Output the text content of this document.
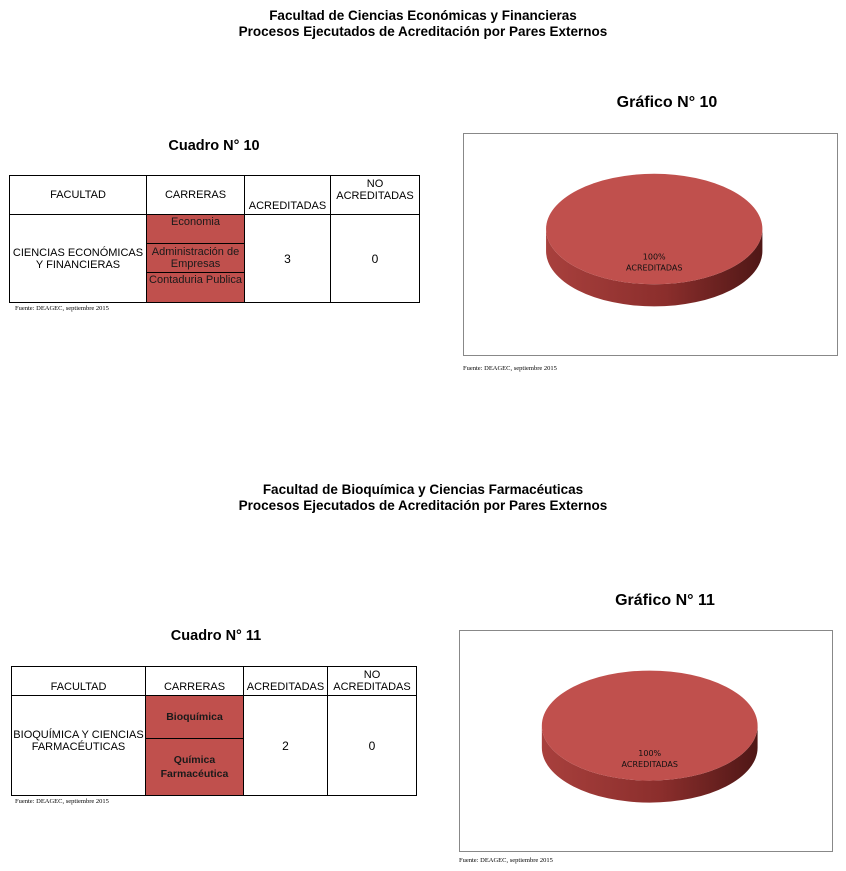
Facultad de Ciencias Económicas y Financieras
Procesos Ejecutados de Acreditación por Pares Externos
Cuadro N° 10
FACULTAD	CARRERAS	ACREDITADAS	NO
ACREDITADAS

CIENCIAS ECONÓMICAS Y FINANCIERAS	Economia
Administración de Empresas
Contaduria Publica	3	0
Fuente: DEAGEC, septiembre 2015
Gráfico N° 10
100%
ACREDITADAS
Fuente: DEAGEC, septiembre 2015
Facultad de Bioquímica y Ciencias Farmacéuticas
Procesos Ejecutados de Acreditación por Pares Externos
Cuadro N° 11
FACULTAD	CARRERAS	ACREDITADAS	NO
ACREDITADAS

BIOQUÍMICA Y CIENCIAS FARMACÉUTICAS	Bioquímica
Química Farmacéutica	2	0
Fuente: DEAGEC, septiembre 2015
Gráfico N° 11
100%
ACREDITADAS
Fuente: DEAGEC, septiembre 2015
